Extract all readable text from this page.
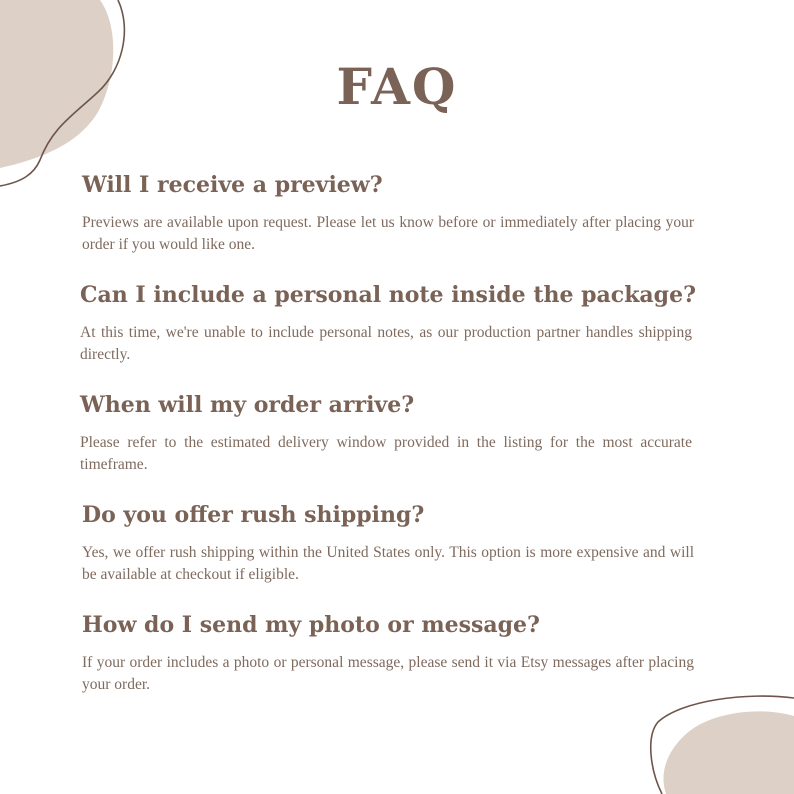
FAQ
Will I receive a preview?

Previews are available upon request. Please let us know before or immediately after placing your order if you would like one.

Can I include a personal note inside the package?

At this time, we're unable to include personal notes, as our production partner handles shipping directly.

When will my order arrive?

Please refer to the estimated delivery window provided in the listing for the most accurate timeframe.

Do you offer rush shipping?

Yes, we offer rush shipping within the United States only. This option is more expensive and will be available at checkout if eligible.

How do I send my photo or message?

If your order includes a photo or personal message, please send it via Etsy messages after placing your order.
